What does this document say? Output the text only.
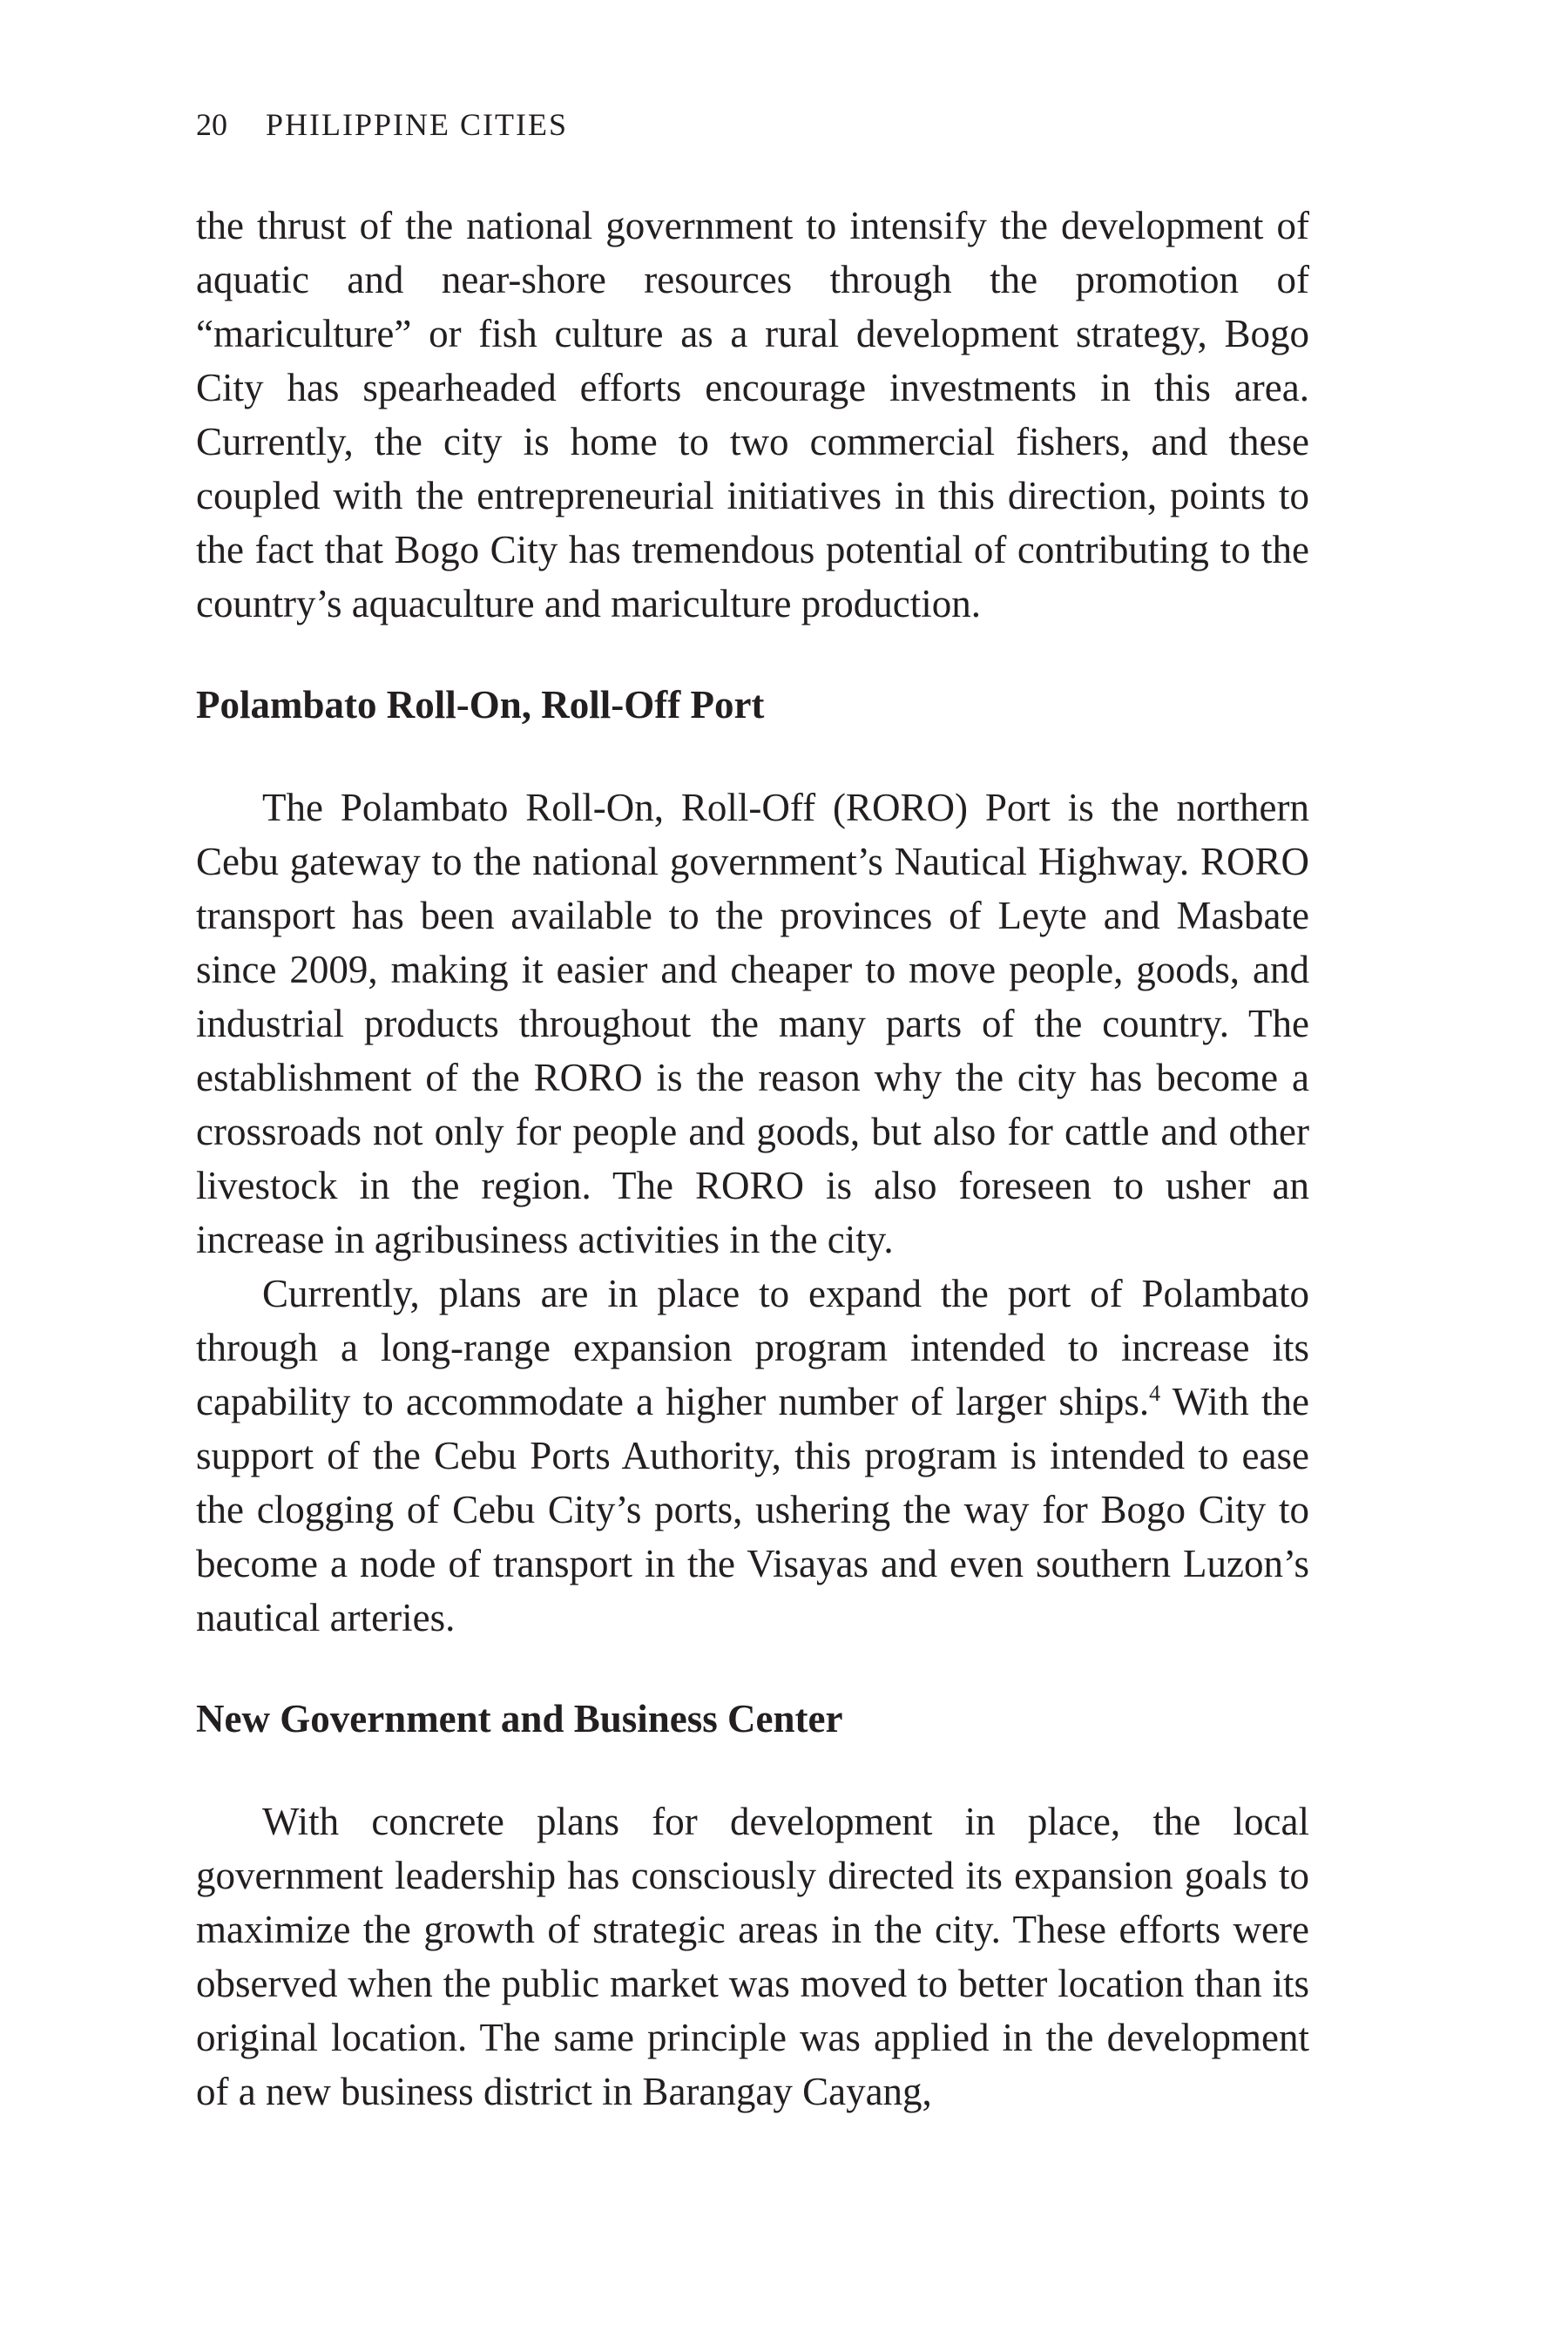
20 PHILIPPINE CITIES

the thrust of the national government to intensify the development of aquatic and near-shore resources through the promotion of “mariculture” or fish culture as a rural development strategy, Bogo City has spearheaded efforts encourage investments in this area. Currently, the city is home to two commercial fishers, and these coupled with the entrepreneurial initiatives in this direction, points to the fact that Bogo City has tremendous potential of contributing to the country’s aquaculture and mariculture production.

Polambato Roll-On, Roll-Off Port

The Polambato Roll-On, Roll-Off (RORO) Port is the northern Cebu gateway to the national government’s Nautical Highway. RORO transport has been available to the provinces of Leyte and Masbate since 2009, making it easier and cheaper to move people, goods, and industrial products throughout the many parts of the country. The establishment of the RORO is the reason why the city has become a crossroads not only for people and goods, but also for cattle and other livestock in the region. The RORO is also foreseen to usher an increase in agribusiness activities in the city.

Currently, plans are in place to expand the port of Polambato through a long-range expansion program intended to increase its capability to accommodate a higher number of larger ships.$^4$ With the support of the Cebu Ports Authority, this program is intended to ease the clogging of Cebu City’s ports, ushering the way for Bogo City to become a node of transport in the Visayas and even southern Luzon’s nautical arteries.

New Government and Business Center

With concrete plans for development in place, the local government leadership has consciously directed its expansion goals to maximize the growth of strategic areas in the city. These efforts were observed when the public market was moved to better location than its original location. The same principle was applied in the development of a new business district in Barangay Cayang,
